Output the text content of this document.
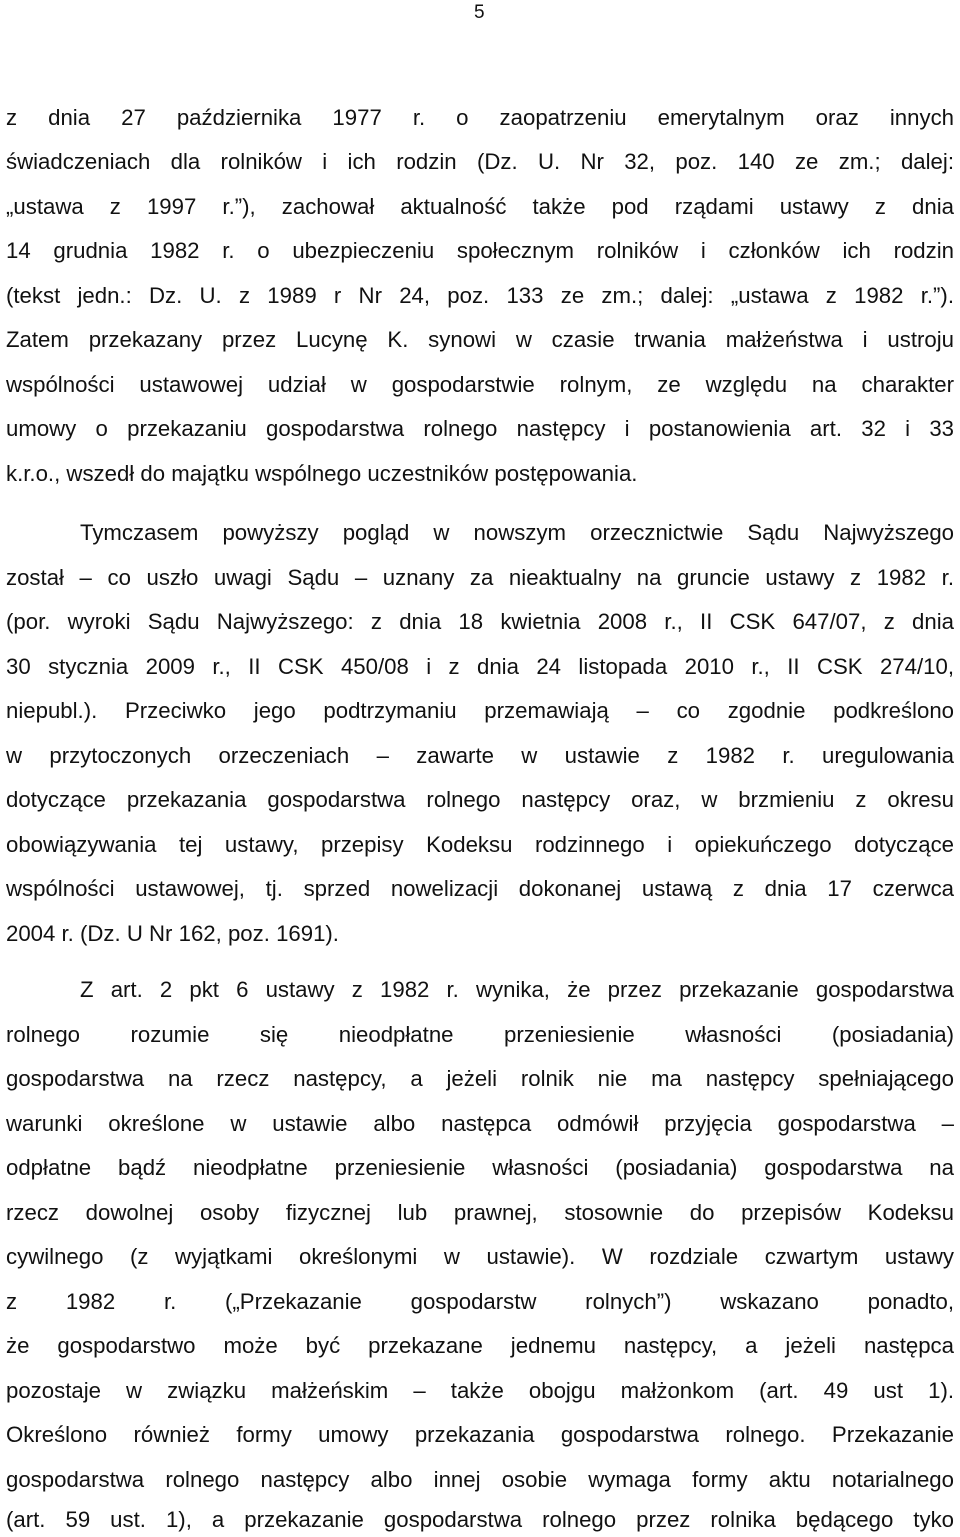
5
z dnia 27 października 1977 r. o zaopatrzeniu emerytalnym oraz innych
świadczeniach dla rolników i ich rodzin (Dz. U. Nr 32, poz. 140 ze zm.; dalej:
„ustawa z 1997 r.”), zachował aktualność także pod rządami ustawy z dnia
14 grudnia 1982 r. o ubezpieczeniu społecznym rolników i członków ich rodzin
(tekst jedn.: Dz. U. z 1989 r Nr 24, poz. 133 ze zm.; dalej: „ustawa z 1982 r.”).
Zatem przekazany przez Lucynę K. synowi w czasie trwania małżeństwa i ustroju
wspólności ustawowej udział w gospodarstwie rolnym, ze względu na charakter
umowy o przekazaniu gospodarstwa rolnego następcy i postanowienia art. 32 i 33
k.r.o., wszedł do majątku wspólnego uczestników postępowania.
Tymczasem powyższy pogląd w nowszym orzecznictwie Sądu Najwyższego
został – co uszło uwagi Sądu – uznany za nieaktualny na gruncie ustawy z 1982 r.
(por. wyroki Sądu Najwyższego: z dnia 18 kwietnia 2008 r., II CSK 647/07, z dnia
30 stycznia 2009 r., II CSK 450/08 i z dnia 24 listopada 2010 r., II CSK 274/10,
niepubl.). Przeciwko jego podtrzymaniu przemawiają – co zgodnie podkreślono
w przytoczonych orzeczeniach – zawarte w ustawie z 1982 r. uregulowania
dotyczące przekazania gospodarstwa rolnego następcy oraz, w brzmieniu z okresu
obowiązywania tej ustawy, przepisy Kodeksu rodzinnego i opiekuńczego dotyczące
wspólności ustawowej, tj. sprzed nowelizacji dokonanej ustawą z dnia 17 czerwca
2004 r. (Dz. U Nr 162, poz. 1691).
Z art. 2 pkt 6 ustawy z 1982 r. wynika, że przez przekazanie gospodarstwa
rolnego rozumie się nieodpłatne przeniesienie własności (posiadania)
gospodarstwa na rzecz następcy, a jeżeli rolnik nie ma następcy spełniającego
warunki określone w ustawie albo następca odmówił przyjęcia gospodarstwa –
odpłatne bądź nieodpłatne przeniesienie własności (posiadania) gospodarstwa na
rzecz dowolnej osoby fizycznej lub prawnej, stosownie do przepisów Kodeksu
cywilnego (z wyjątkami określonymi w ustawie). W rozdziale czwartym ustawy
z 1982 r. („Przekazanie gospodarstw rolnych”) wskazano ponadto,
że gospodarstwo może być przekazane jednemu następcy, a jeżeli następca
pozostaje w związku małżeńskim – także obojgu małżonkom (art. 49 ust 1).
Określono również formy umowy przekazania gospodarstwa rolnego. Przekazanie
gospodarstwa rolnego następcy albo innej osobie wymaga formy aktu notarialnego
(art. 59 ust. 1), a przekazanie gospodarstwa rolnego przez rolnika będącego tyko
